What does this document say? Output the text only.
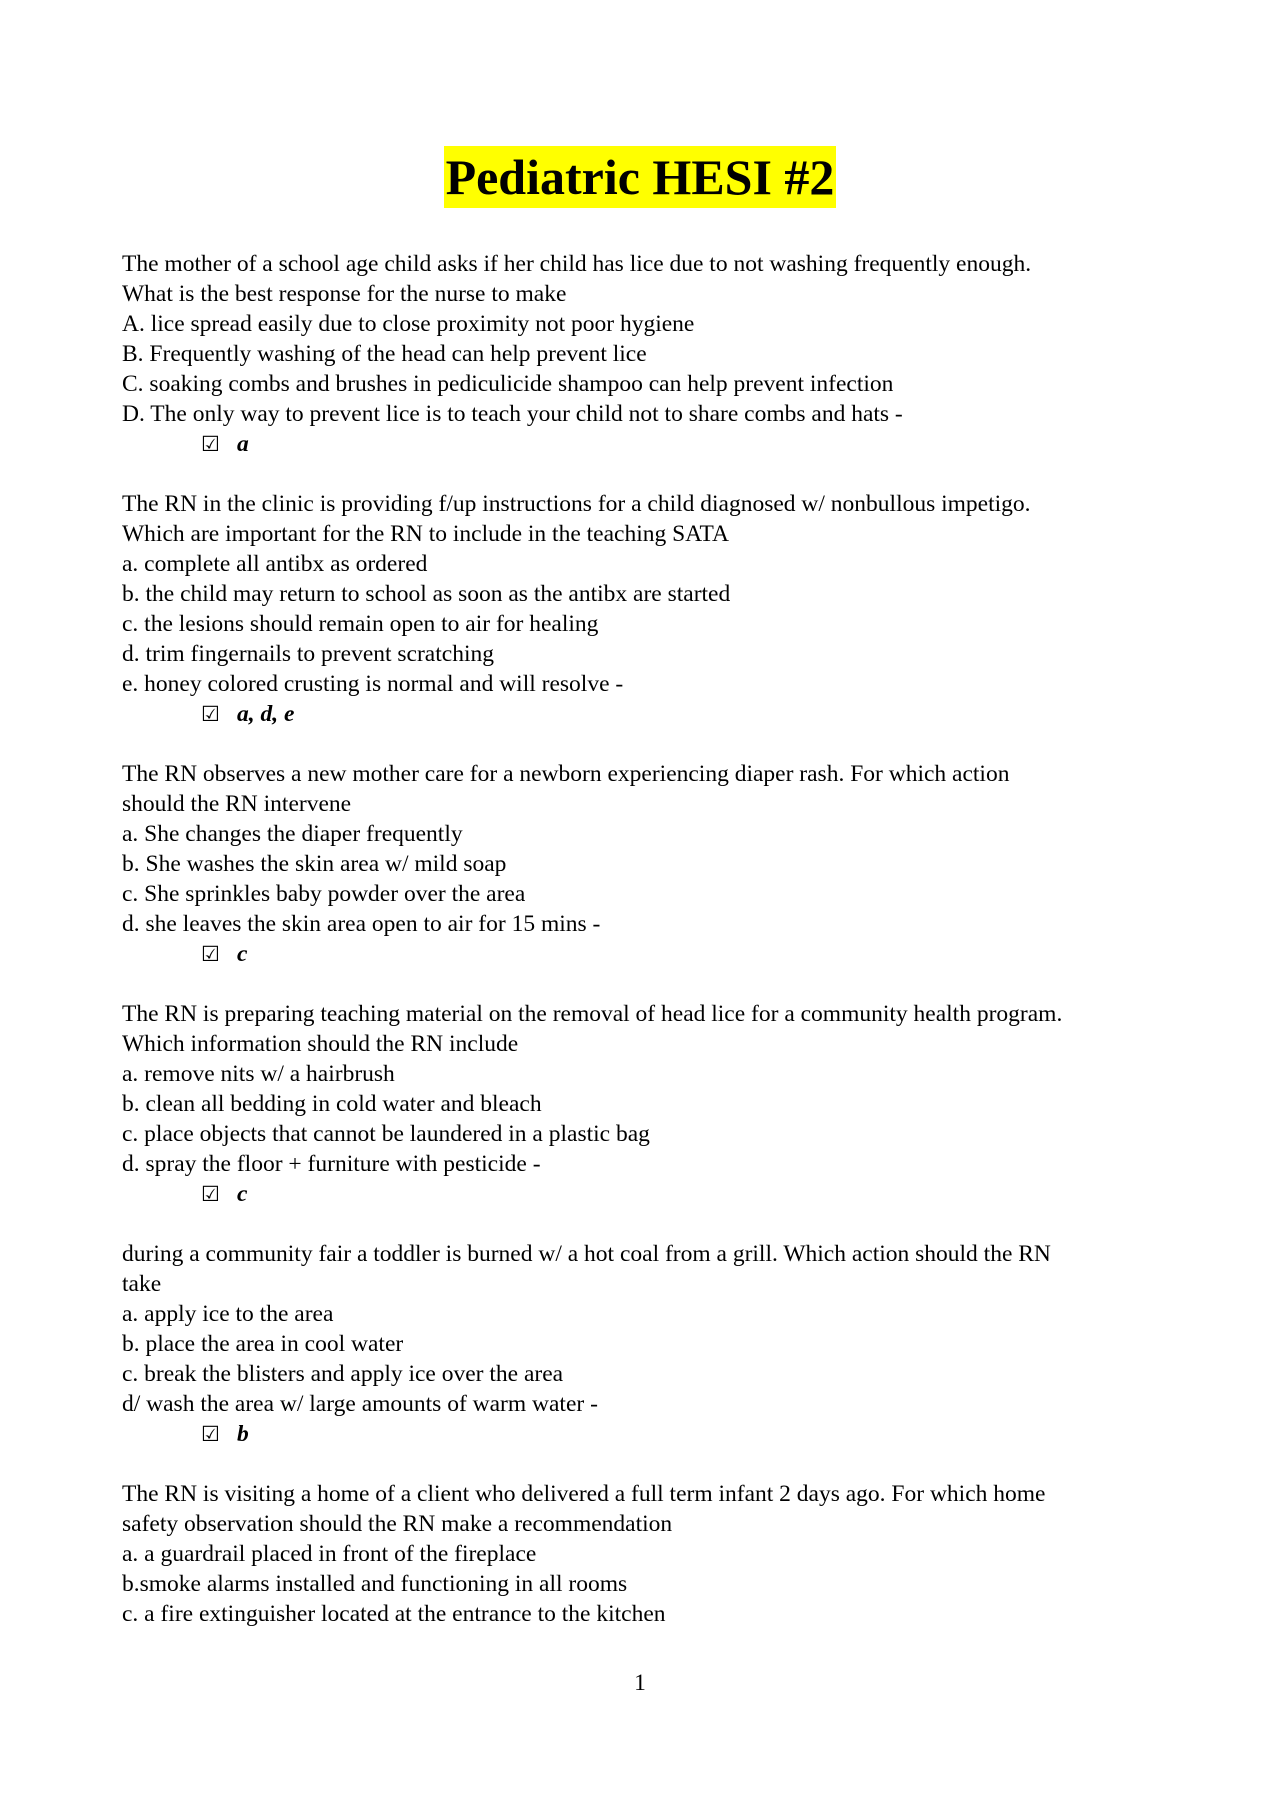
Pediatric HESI #2
The mother of a school age child asks if her child has lice due to not washing frequently enough.
What is the best response for the nurse to make
A. lice spread easily due to close proximity not poor hygiene
B. Frequently washing of the head can help prevent lice
C. soaking combs and brushes in pediculicide shampoo can help prevent infection
D. The only way to prevent lice is to teach your child not to share combs and hats -
☑ a
The RN in the clinic is providing f/up instructions for a child diagnosed w/ nonbullous impetigo.
Which are important for the RN to include in the teaching SATA
a. complete all antibx as ordered
b. the child may return to school as soon as the antibx are started
c. the lesions should remain open to air for healing
d. trim fingernails to prevent scratching
e. honey colored crusting is normal and will resolve -
☑ a, d, e
The RN observes a new mother care for a newborn experiencing diaper rash. For which action
should the RN intervene
a. She changes the diaper frequently
b. She washes the skin area w/ mild soap
c. She sprinkles baby powder over the area
d. she leaves the skin area open to air for 15 mins -
☑ c
The RN is preparing teaching material on the removal of head lice for a community health program.
Which information should the RN include
a. remove nits w/ a hairbrush
b. clean all bedding in cold water and bleach
c. place objects that cannot be laundered in a plastic bag
d. spray the floor + furniture with pesticide -
☑ c
during a community fair a toddler is burned w/ a hot coal from a grill. Which action should the RN
take
a. apply ice to the area
b. place the area in cool water
c. break the blisters and apply ice over the area
d/ wash the area w/ large amounts of warm water -
☑ b
The RN is visiting a home of a client who delivered a full term infant 2 days ago. For which home
safety observation should the RN make a recommendation
a. a guardrail placed in front of the fireplace
b.smoke alarms installed and functioning in all rooms
c. a fire extinguisher located at the entrance to the kitchen
1
